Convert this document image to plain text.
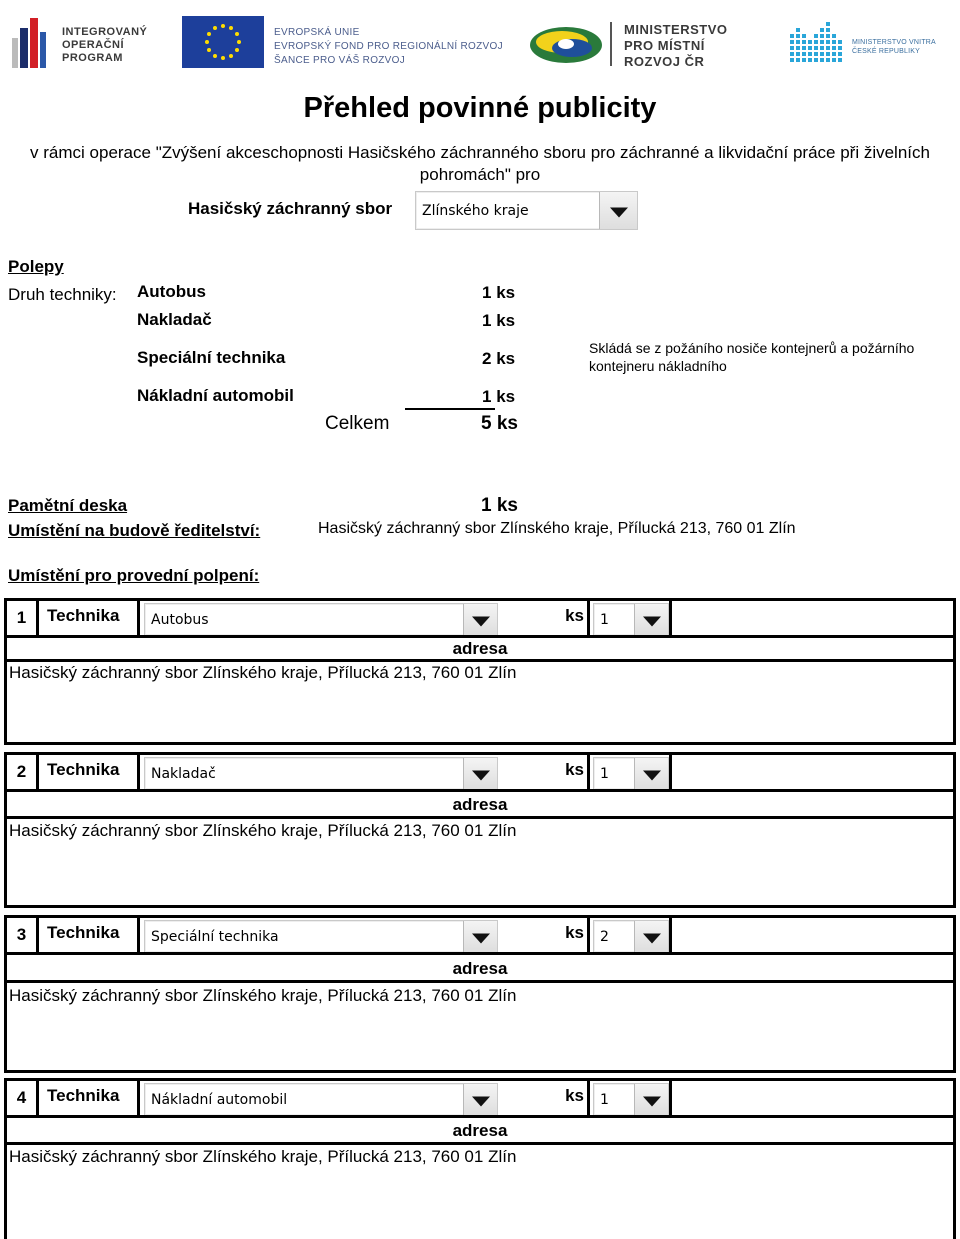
INTEGROVANÝ
OPERAČNÍ
PROGRAM
EVROPSKÁ UNIE
EVROPSKÝ FOND PRO REGIONÁLNÍ ROZVOJ
ŠANCE PRO VÁŠ ROZVOJ
MINISTERSTVO
PRO MÍSTNÍ
ROZVOJ ČR
MINISTERSTVO VNITRA
ČESKÉ REPUBLIKY
Přehled povinné publicity
v rámci operace "Zvýšení akceschopnosti Hasičského záchranného sboru pro záchranné a likvidační práce při živelních pohromách" pro
Hasičský záchranný sbor Zlínského kraje
Polepy
Druh techniky: Autobus	1 ks
Nakladač	1 ks
Speciální technika	2 ks
Skládá se z požáního nosiče kontejnerů a požárního kontejneru nákladního
Nákladní automobil	1 ks
Celkem	5 ks
Pamětní deska	1 ks
Umístění na budově ředitelství:	Hasičský záchranný sbor Zlínského kraje, Přílucká 213, 760 01 Zlín
Umístění pro provední polpení:
1	Technika	Autobus	ks	1
adresa
Hasičský záchranný sbor Zlínského kraje, Přílucká 213, 760 01 Zlín
2	Technika	Nakladač	ks	1
adresa
Hasičský záchranný sbor Zlínského kraje, Přílucká 213, 760 01 Zlín
3	Technika	Speciální technika	ks	2
adresa
Hasičský záchranný sbor Zlínského kraje, Přílucká 213, 760 01 Zlín
4	Technika	Nákladní automobil	ks	1
adresa
Hasičský záchranný sbor Zlínského kraje, Přílucká 213, 760 01 Zlín
